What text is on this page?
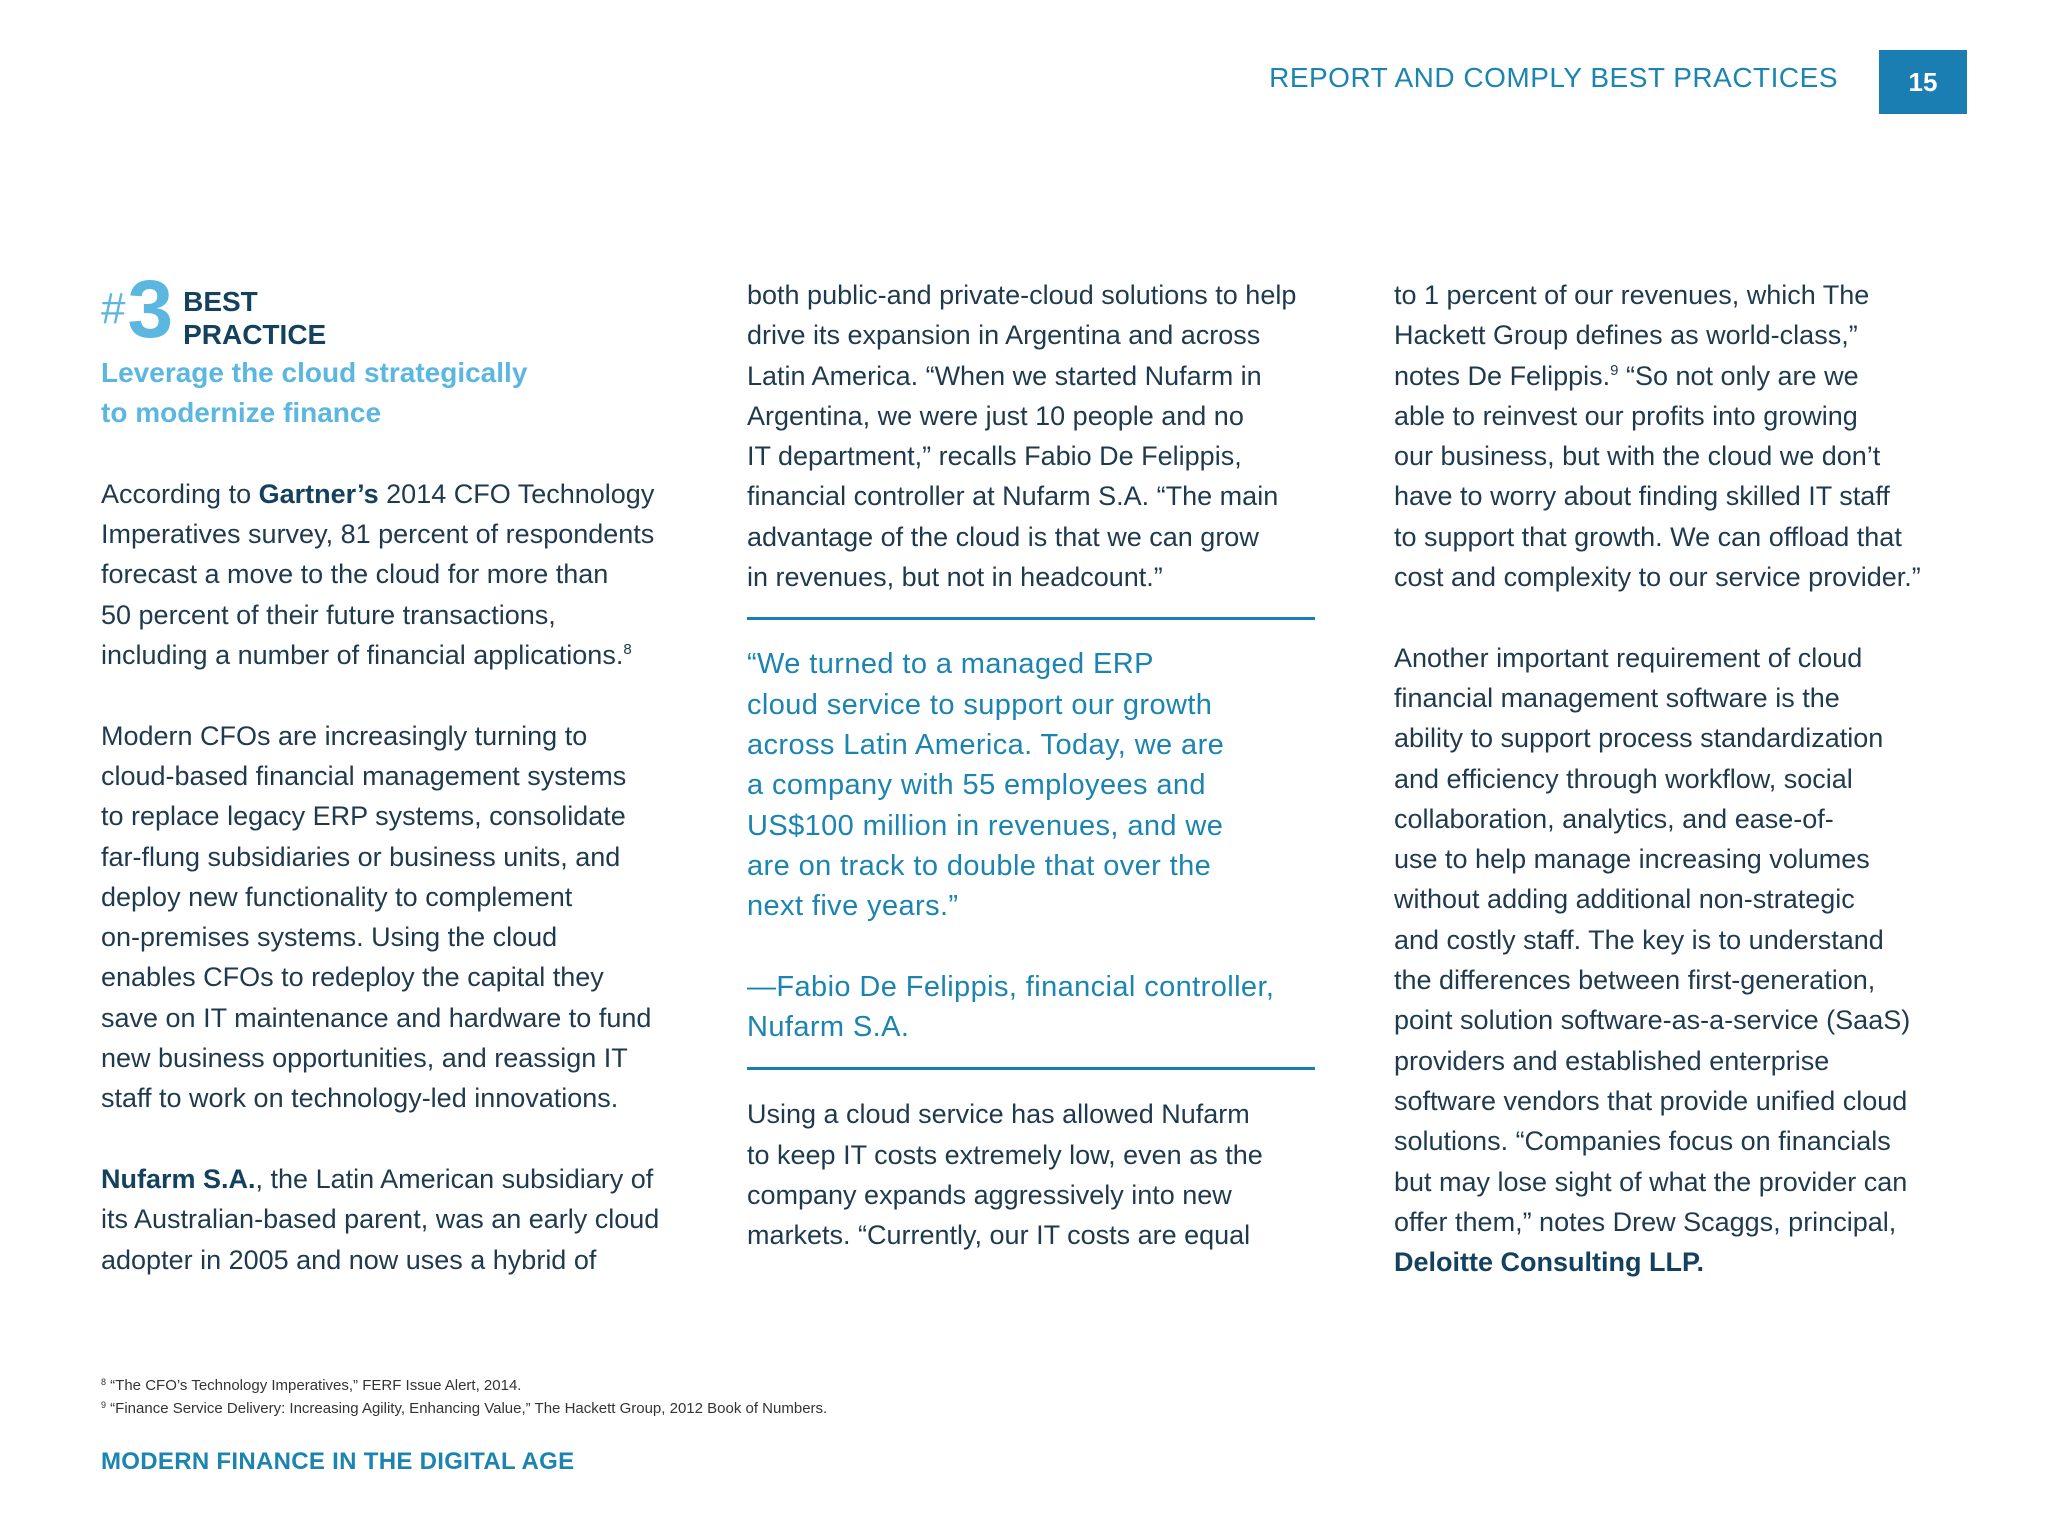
REPORT AND COMPLY BEST PRACTICES	15
# 3 BEST
PRACTICE

Leverage the cloud strategically
to modernize finance

According to Gartner’s 2014 CFO Technology
Imperatives survey, 81 percent of respondents
forecast a move to the cloud for more than
50 percent of their future transactions,
including a number of financial applications.$^8$

Modern CFOs are increasingly turning to
cloud-based financial management systems
to replace legacy ERP systems, consolidate
far-flung subsidiaries or business units, and
deploy new functionality to complement
on-premises systems. Using the cloud
enables CFOs to redeploy the capital they
save on IT maintenance and hardware to fund
new business opportunities, and reassign IT
staff to work on technology-led innovations.

Nufarm S.A., the Latin American subsidiary of
its Australian-based parent, was an early cloud
adopter in 2005 and now uses a hybrid of

both public-and private-cloud solutions to help
drive its expansion in Argentina and across
Latin America. “When we started Nufarm in
Argentina, we were just 10 people and no
IT department,” recalls Fabio De Felippis,
financial controller at Nufarm S.A. “The main
advantage of the cloud is that we can grow
in revenues, but not in headcount.”

“We turned to a managed ERP
cloud service to support our growth
across Latin America. Today, we are
a company with 55 employees and
US$100 million in revenues, and we
are on track to double that over the
next five years.”

—Fabio De Felippis, financial controller,
Nufarm S.A.

Using a cloud service has allowed Nufarm
to keep IT costs extremely low, even as the
company expands aggressively into new
markets. “Currently, our IT costs are equal

to 1 percent of our revenues, which The
Hackett Group defines as world-class,”
notes De Felippis.$^9$ “So not only are we
able to reinvest our profits into growing
our business, but with the cloud we don’t
have to worry about finding skilled IT staff
to support that growth. We can offload that
cost and complexity to our service provider.”

Another important requirement of cloud
financial management software is the
ability to support process standardization
and efficiency through workflow, social
collaboration, analytics, and ease-of-
use to help manage increasing volumes
without adding additional non-strategic
and costly staff. The key is to understand
the differences between first-generation,
point solution software-as-a-service (SaaS)
providers and established enterprise
software vendors that provide unified cloud
solutions. “Companies focus on financials
but may lose sight of what the provider can
offer them,” notes Drew Scaggs, principal,
Deloitte Consulting LLP.

$^8$ “The CFO’s Technology Imperatives,” FERF Issue Alert, 2014.
$^9$ “Finance Service Delivery: Increasing Agility, Enhancing Value,” The Hackett Group, 2012 Book of Numbers.
MODERN FINANCE IN THE DIGITAL AGE
